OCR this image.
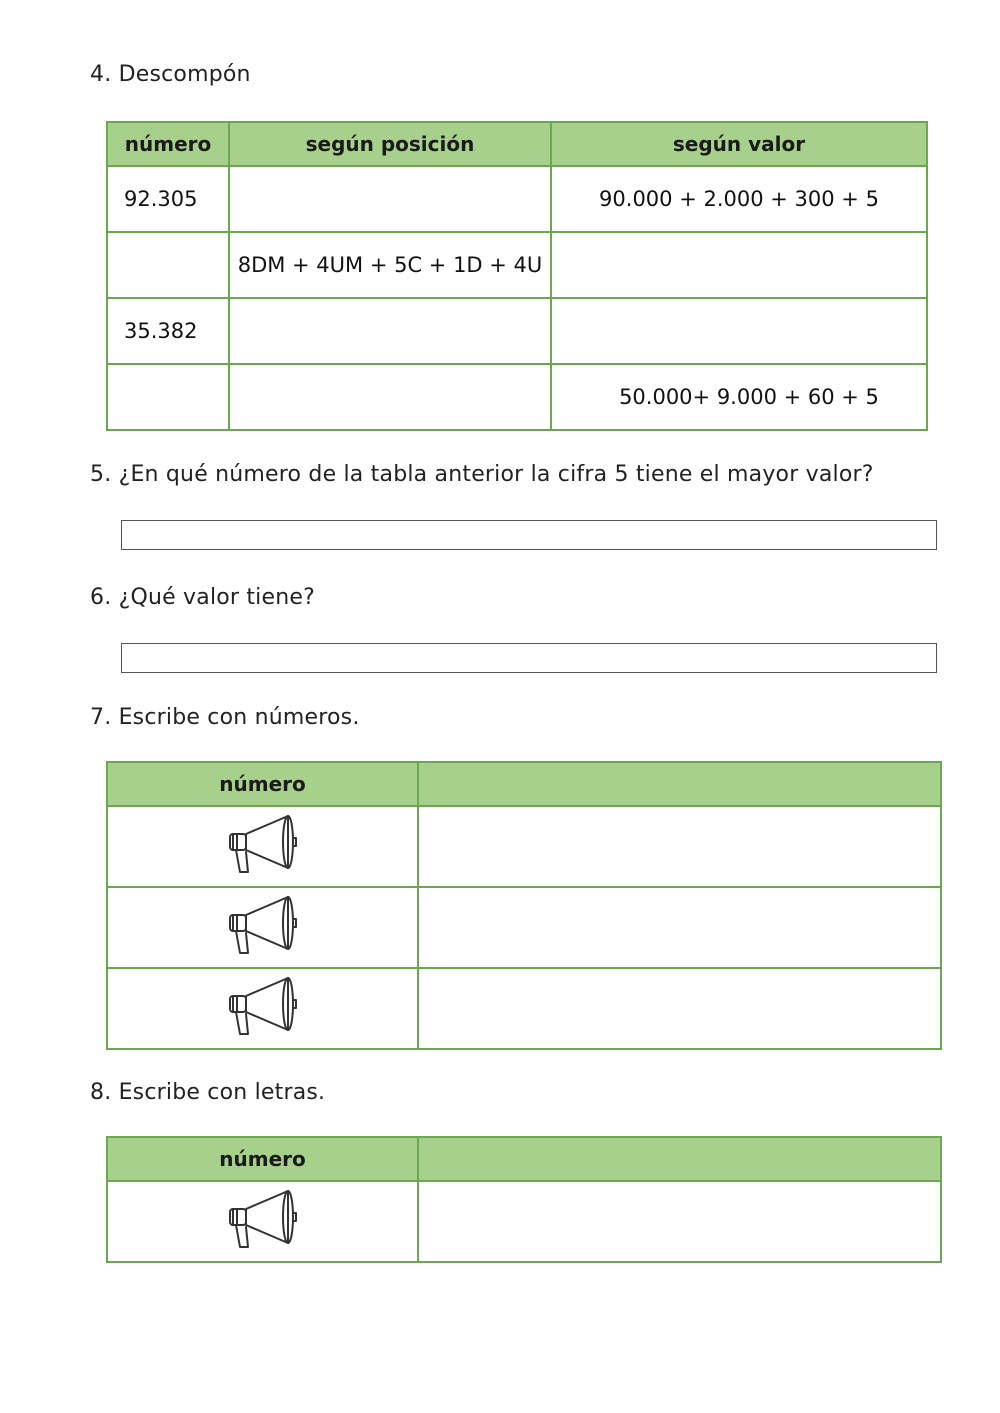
4. Descompón
número	según posición	según valor
92.305		90.000 + 2.000 + 300 + 5
	8DM + 4UM + 5C + 1D + 4U	
35.382		
		50.000+ 9.000 + 60 + 5
5. ¿En qué número de la tabla anterior la cifra 5 tiene el mayor valor?
6. ¿Qué valor tiene?
7. Escribe con números.
número	

8. Escribe con letras.
número	
